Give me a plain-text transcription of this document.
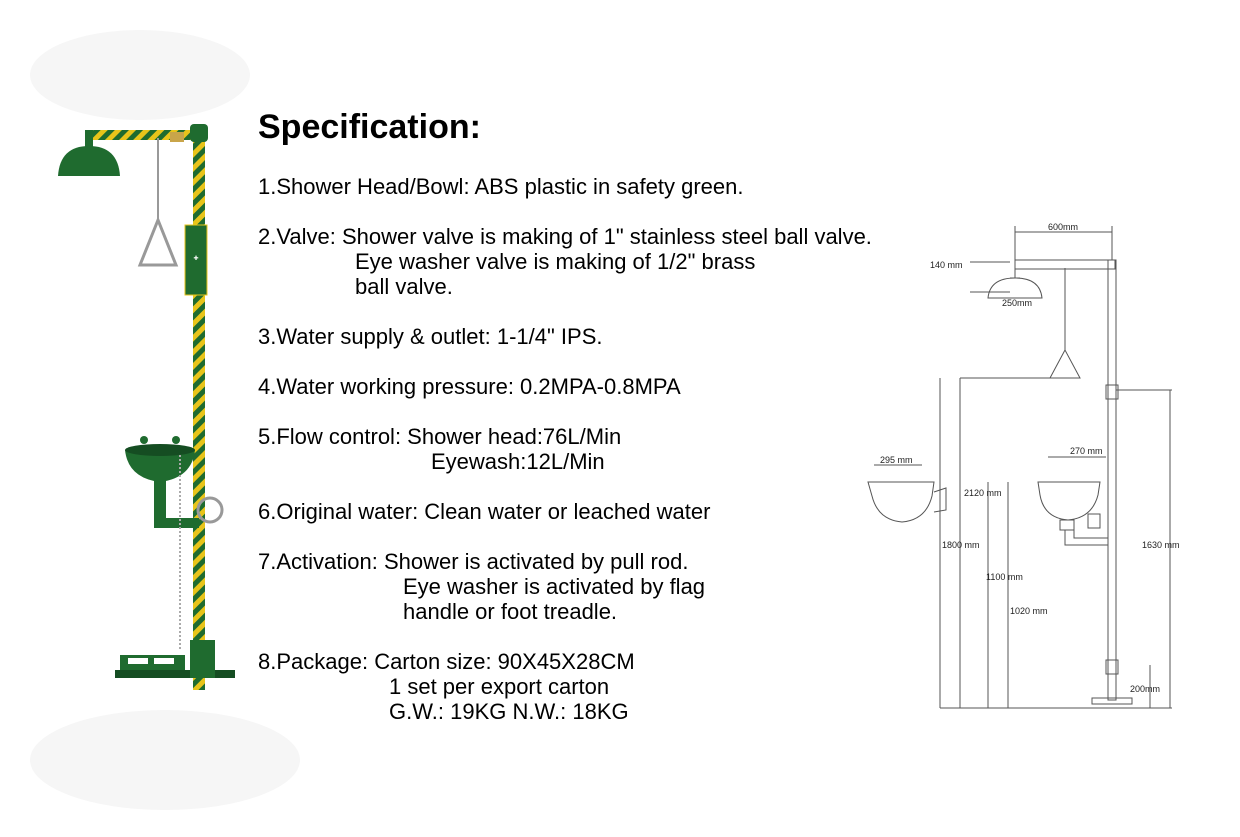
✚
Specification:
1.Shower Head/Bowl: ABS plastic in safety green.
2.Valve: Shower valve is making of 1" stainless steel ball valve.
Eye washer valve is making of 1/2" brass
ball valve.
3.Water supply & outlet: 1-1/4" IPS.
4.Water working pressure: 0.2MPA-0.8MPA
5.Flow control: Shower head:76L/Min
Eyewash:12L/Min
6.Original water: Clean water or leached water
7.Activation: Shower is activated by pull rod.
Eye washer is activated by flag
handle or foot treadle.
8.Package: Carton size: 90X45X28CM
1 set per export carton
G.W.: 19KG N.W.: 18KG
600mm
140 mm
250mm
295 mm
270 mm
2120 mm
1800 mm
1100 mm
1020 mm
1630 mm
200mm
